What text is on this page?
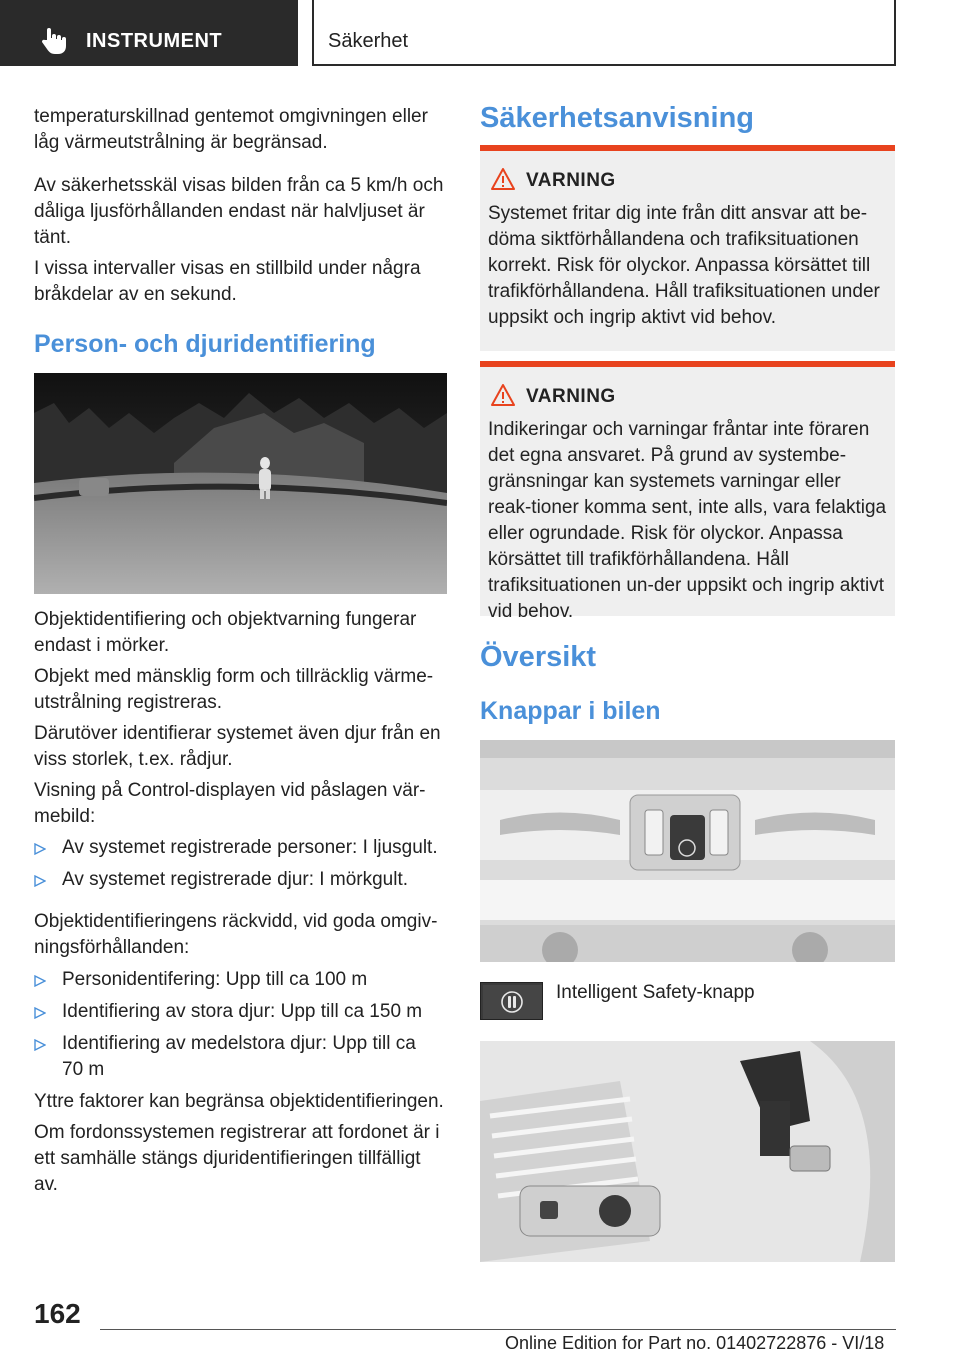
INSTRUMENT	Säkerhet
temperaturskillnad gentemot omgivningen eller låg värmeutstrålning är begränsad.
Av säkerhetsskäl visas bilden från ca 5 km/h och dåliga ljusförhållanden endast när halvljuset är tänt.
I vissa intervaller visas en stillbild under några bråkdelar av en sekund.
Person- och djuridentifiering
Objektidentifiering och objektvarning fungerar endast i mörker.
Objekt med mänsklig form och tillräcklig värme-utstrålning registreras.
Därutöver identifierar systemet även djur från en viss storlek, t.ex. rådjur.
Visning på Control-displayen vid påslagen vär-mebild:
Av systemet registrerade personer: I ljusgult.
Av systemet registrerade djur: I mörkgult.
Objektidentifieringens räckvidd, vid goda omgiv-ningsförhållanden:
Personidentifering: Upp till ca 100 m
Identifiering av stora djur: Upp till ca 150 m
Identifiering av medelstora djur: Upp till ca 70 m
Yttre faktorer kan begränsa objektidentifieringen.
Om fordonssystemen registrerar att fordonet är i ett samhälle stängs djuridentifieringen tillfälligt av.
Säkerhetsanvisning
VARNING
Systemet fritar dig inte från ditt ansvar att be-döma siktförhållandena och trafiksituationen korrekt. Risk för olyckor. Anpassa körsättet till trafikförhållandena. Håll trafiksituationen under uppsikt och ingrip aktivt vid behov.
VARNING
Indikeringar och varningar fråntar inte föraren det egna ansvaret. På grund av systembe-gränsningar kan systemets varningar eller reak-tioner komma sent, inte alls, vara felaktiga eller ogrundade. Risk för olyckor. Anpassa körsättet till trafikförhållandena. Håll trafiksituationen un-der uppsikt och ingrip aktivt vid behov.
Översikt
Knappar i bilen
Intelligent Safety-knapp
162
Online Edition for Part no. 01402722876 - VI/18
